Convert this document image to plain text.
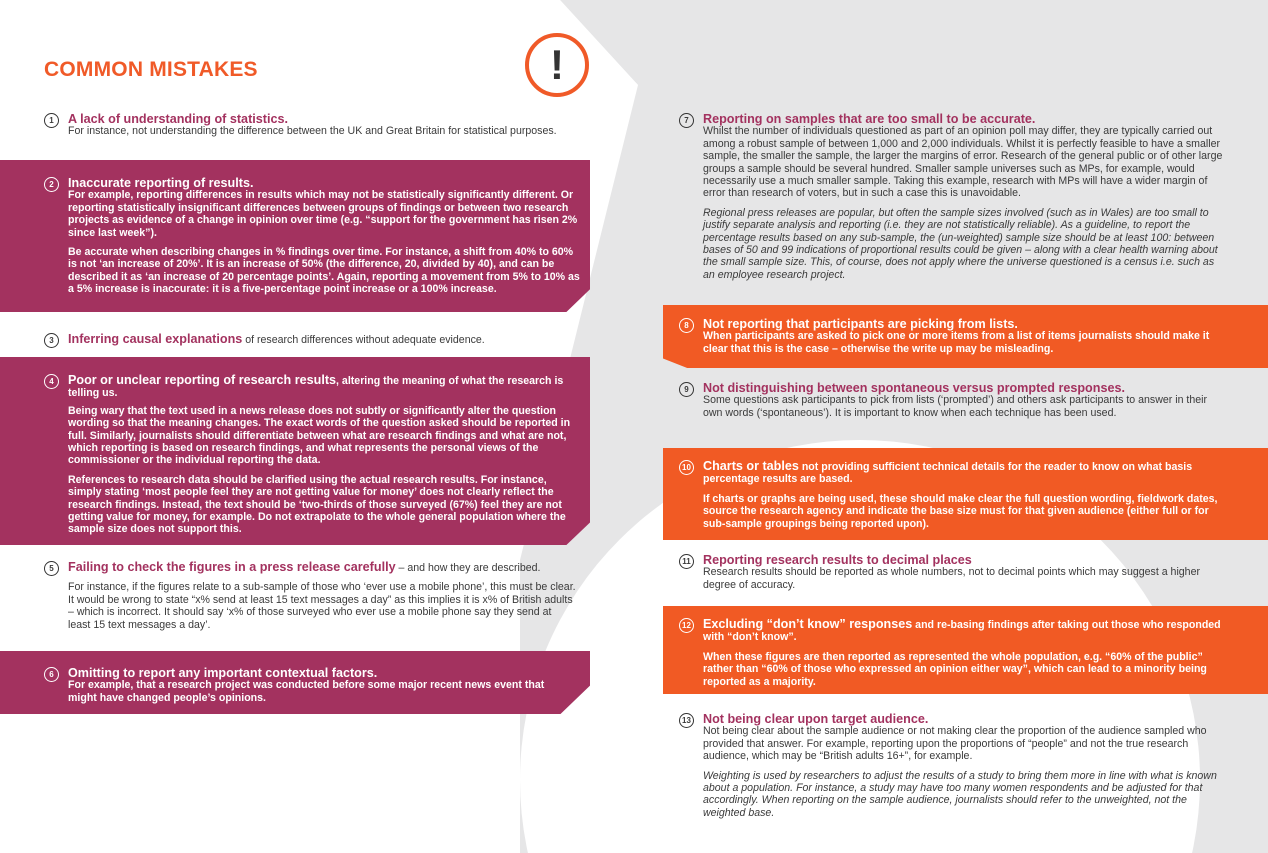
COMMON MISTAKES	!
1	A lack of understanding of statistics.

For instance, not understanding the difference between the UK and Great Britain for statistical purposes.

2	Inaccurate reporting of results.

For example, reporting differences in results which may not be statistically significantly different. Or reporting statistically insignificant differences between groups of findings or between two research projects as evidence of a change in opinion over time (e.g. “support for the government has risen 2% since last week”).

Be accurate when describing changes in % findings over time. For instance, a shift from 40% to 60% is not ‘an increase of 20%’. It is an increase of 50% (the difference, 20, divided by 40), and can be described it as ‘an increase of 20 percentage points’. Again, reporting a movement from 5% to 10% as a 5% increase is inaccurate: it is a five-percentage point increase or a 100% increase.

3	Inferring causal explanations of research differences without adequate evidence.
4	Poor or unclear reporting of research results, altering the meaning of what the research is telling us.

Being wary that the text used in a news release does not subtly or significantly alter the question wording so that the meaning changes. The exact words of the question asked should be reported in full. Similarly, journalists should differentiate between what are research findings and what are not, which reporting is based on research findings, and what represents the personal views of the commissioner or the individual reporting the data.

References to research data should be clarified using the actual research results. For instance, simply stating ‘most people feel they are not getting value for money’ does not clearly reflect the research findings. Instead, the text should be ‘two-thirds of those surveyed (67%) feel they are not getting value for money, for example. Do not extrapolate to the whole general population where the sample size does not support this.

5	Failing to check the figures in a press release carefully – and how they are described.

For instance, if the figures relate to a sub-sample of those who ‘ever use a mobile phone’, this must be clear. It would be wrong to state “x% send at least 15 text messages a day” as this implies it is x% of British adults – which is incorrect. It should say ‘x% of those surveyed who ever use a mobile phone say they send at least 15 text messages a day’.

6	Omitting to report any important contextual factors.

For example, that a research project was conducted before some major recent news event that might have changed people’s opinions.

7	Reporting on samples that are too small to be accurate.

Whilst the number of individuals questioned as part of an opinion poll may differ, they are typically carried out among a robust sample of between 1,000 and 2,000 individuals. Whilst it is perfectly feasible to have a smaller sample, the smaller the sample, the larger the margins of error. Research of the general public or of other large groups a sample should be several hundred. Smaller sample universes such as MPs, for example, would necessarily use a much smaller sample. Taking this example, research with MPs will have a wider margin of error than research of voters, but in such a case this is unavoidable.

Regional press releases are popular, but often the sample sizes involved (such as in Wales) are too small to justify separate analysis and reporting (i.e. they are not statistically reliable). As a guideline, to report the percentage results based on any sub-sample, the (un-weighted) sample size should be at least 100: between bases of 50 and 99 indications of proportional results could be given – along with a clear health warning about the small sample size. This, of course, does not apply where the universe questioned is a census i.e. such as an employee research project.

8	Not reporting that participants are picking from lists.

When participants are asked to pick one or more items from a list of items journalists should make it clear that this is the case – otherwise the write up may be misleading.

9	Not distinguishing between spontaneous versus prompted responses.

Some questions ask participants to pick from lists (‘prompted’) and others ask participants to answer in their own words (‘spontaneous’). It is important to know when each technique has been used.

10 Charts or tables not providing sufficient technical details for the reader to know on what basis percentage results are based.

If charts or graphs are being used, these should make clear the full question wording, fieldwork dates, source the research agency and indicate the base size must for that given audience (either full or for sub-sample groupings being reported upon).

11 Reporting research results to decimal places

Research results should be reported as whole numbers, not to decimal points which may suggest a higher degree of accuracy.

12 Excluding “don’t know” responses and re-basing findings after taking out those who responded with “don’t know”.

When these figures are then reported as represented the whole population, e.g. “60% of the public” rather than “60% of those who expressed an opinion either way”, which can lead to a minority being reported as a majority.

13 Not being clear upon target audience.

Not being clear about the sample audience or not making clear the proportion of the audience sampled who provided that answer. For example, reporting upon the proportions of “people” and not the true research audience, which may be “British adults 16+”, for example.

Weighting is used by researchers to adjust the results of a study to bring them more in line with what is known about a population. For instance, a study may have too many women respondents and be adjusted for that accordingly. When reporting on the sample audience, journalists should refer to the unweighted, not the weighted base.
